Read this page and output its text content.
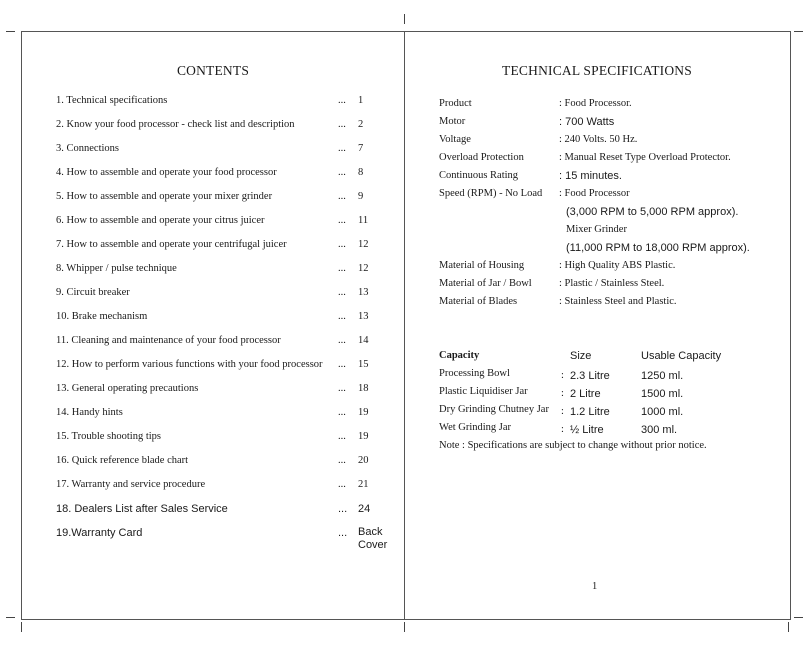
CONTENTS
1. Technical specifications	... 1
2. Know your food processor - check list and description	... 2
3. Connections	... 7
4. How to assemble and operate your food processor	... 8
5. How to assemble and operate your mixer grinder	... 9
6. How to assemble and operate your citrus juicer	... 11
7. How to assemble and operate your centrifugal juicer	... 12
8. Whipper / pulse technique	... 12
9. Circuit breaker	... 13
10. Brake mechanism	... 13
11. Cleaning and maintenance of your food processor	... 14
12. How to perform various functions with your food processor ... 15
13. General operating precautions	... 18
14. Handy hints	... 19
15. Trouble shooting tips	... 19
16. Quick reference blade chart	... 20
17. Warranty and service procedure	... 21
18. Dealers List after Sales Service	... 24
19.Warranty Card	... Back
Cover
TECHNICAL SPECIFICATIONS
Product	: Food Processor.
Motor	: 700 Watts
Voltage	: 240 Volts. 50 Hz.
Overload Protection	: Manual Reset Type Overload Protector.
Continuous Rating	: 15 minutes.
Speed (RPM) - No Load : Food Processor
(3,000 RPM to 5,000 RPM approx).
Mixer Grinder
(11,000 RPM to 18,000 RPM approx).
Material of Housing	: High Quality ABS Plastic.
Material of Jar / Bowl	: Plastic / Stainless Steel.
Material of Blades	: Stainless Steel and Plastic.
Capacity	Size	Usable Capacity
Processing Bowl	: 2.3 Litre	1250 ml.
Plastic Liquidiser Jar	: 2 Litre	1500 ml.
Dry Grinding Chutney Jar : 1.2 Litre	1000 ml.
Wet Grinding Jar	: ½ Litre	300 ml.
Note : Specifications are subject to change without prior notice.
1
